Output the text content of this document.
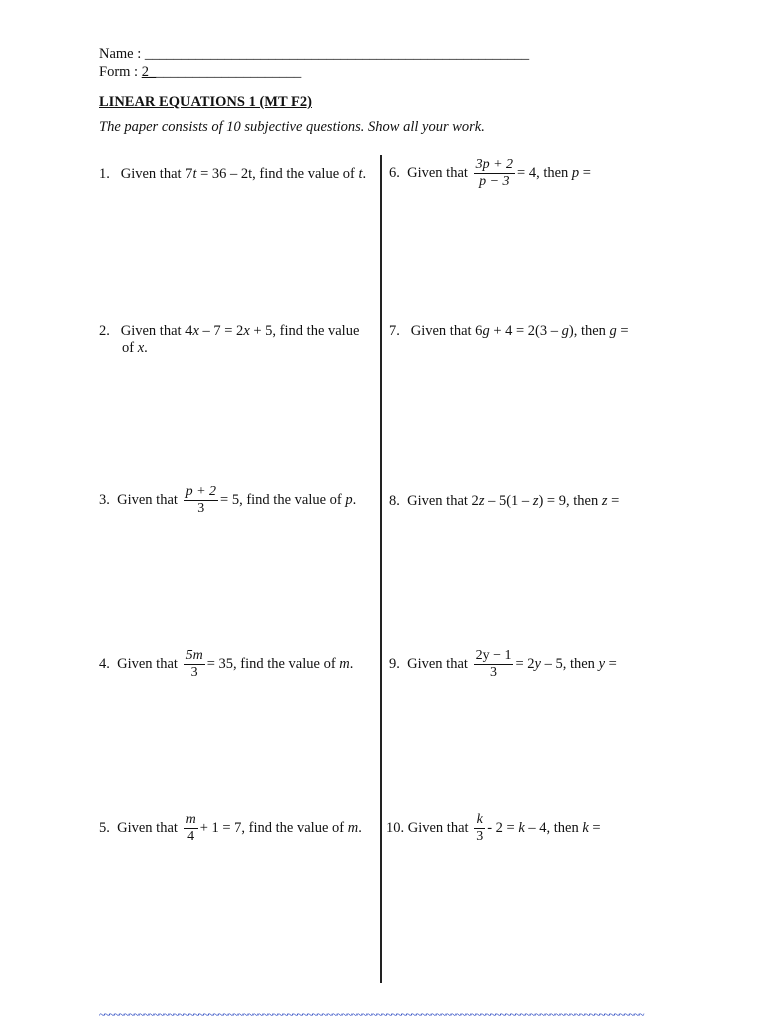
Name : _____________________________________________________
Form : 2_____________________
LINEAR EQUATIONS 1 (MT F2)
The paper consists of 10 subjective questions. Show all your work.
1. Given that 7t = 36 – 2t, find the value of t.
2. Given that 4x – 7 = 2x + 5, find the value
of x.
3. Given that $\frac{p + 2}{3} = 5$, find the value of p.
4. Given that $\frac{5m}{3} = 35$, find the value of m.
5. Given that $\frac{m}{4} + 1 = 7$, find the value of m.
6. Given that $\frac{3p + 2}{p - 3} = 4$, then p =
7. Given that 6g + 4 = 2(3 – g), then g =
8. Given that 2z – 5(1 – z) = 9, then z =
9. Given that $\frac{2y - 1}{3} = 2y - 5$, then y =
10. Given that $\frac{k}{3} - 2 = k - 4$, then k =
~~~~~~~~~~~~~~~~~~~~~~~~~~~~~~~~~~~~~~~~~~~~~~~~~~~~~~~~~~~~~~~~~~~~~~~~~~~~~~~~~~~~~~~~~~~~~~~~~~~~~~~~~~~~~~
